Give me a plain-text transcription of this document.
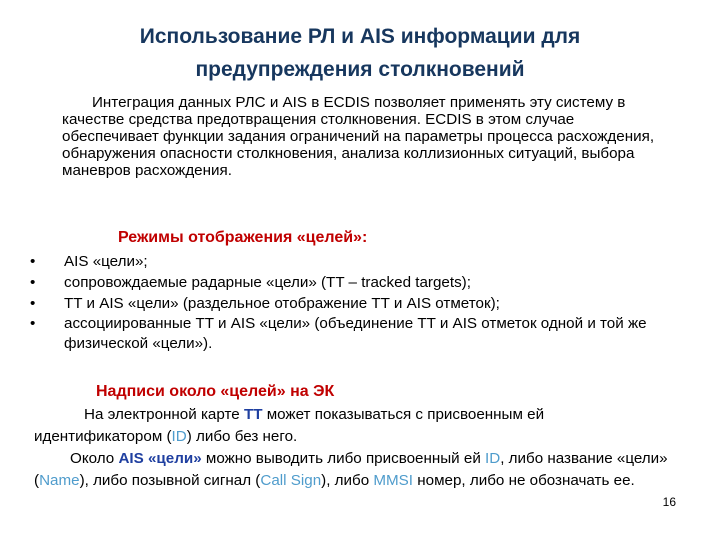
Использование РЛ и AIS информации для
предупреждения столкновений

Интеграция данных РЛС и AIS в ECDIS позволяет применять эту систему в качестве средства предотвращения столкновения. ECDIS в этом случае обеспечивает функции задания ограничений на параметры процесса расхождения, обнаружения опасности столкновения, анализа коллизионных ситуаций, выбора маневров расхождения.

Режимы отображения «целей»:
• AIS «цели»;
• сопровождаемые радарные «цели» (TT – tracked targets);
• TT и AIS «цели» (раздельное отображение TT и AIS отметок);
• ассоциированные TT и AIS «цели» (объединение TT и AIS отметок одной и той же физической «цели»).
Надписи около «целей» на ЭК

На электронной карте TT может показываться с присвоенным ей идентификатором (ID) либо без него.

Около AIS «цели» можно выводить либо присвоенный ей ID, либо название «цели» (Name), либо позывной сигнал (Call Sign), либо MMSI номер, либо не обозначать ее.

16
